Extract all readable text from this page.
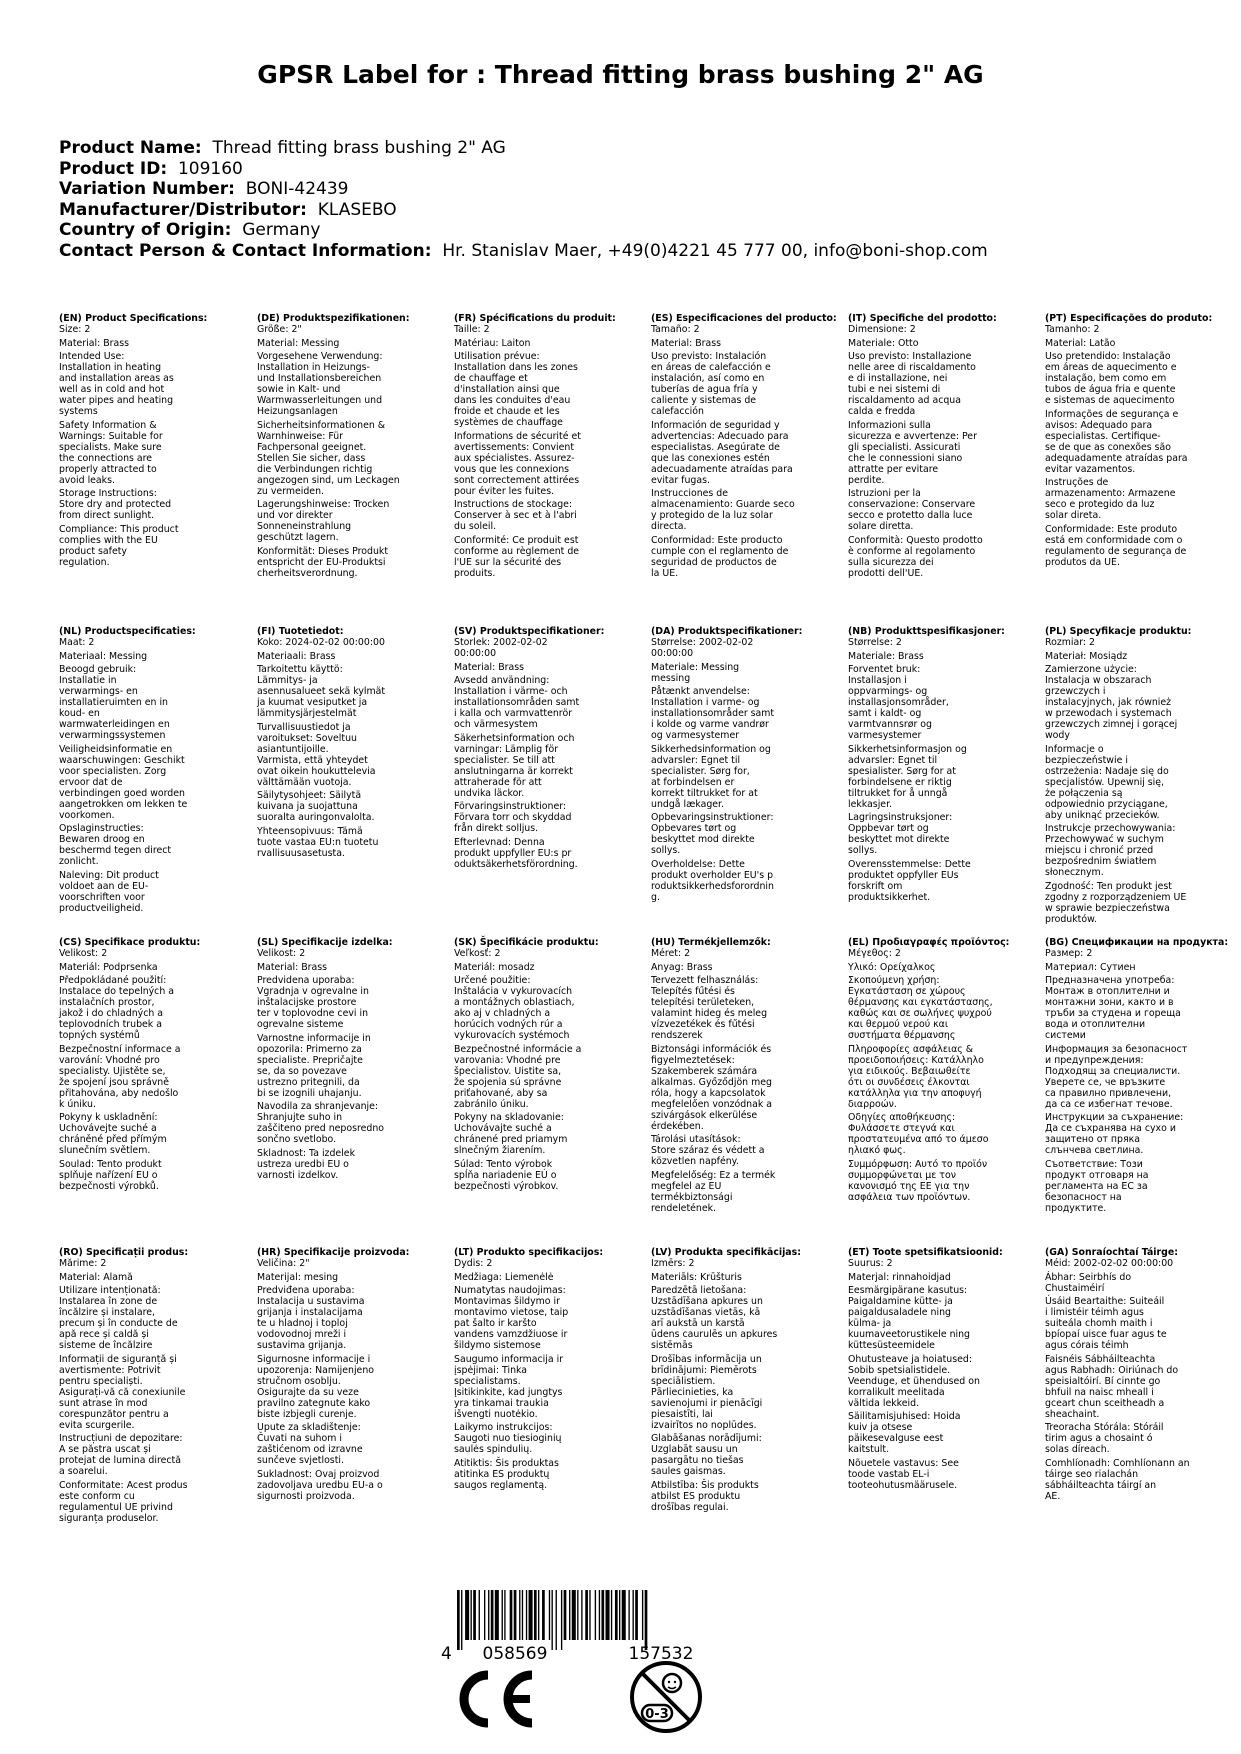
GPSR Label for : Thread fitting brass bushing 2" AG
Product Name: Thread fitting brass bushing 2" AG
Product ID: 109160
Variation Number: BONI-42439
Manufacturer/Distributor: KLASEBO
Country of Origin: Germany
Contact Person & Contact Information: Hr. Stanislav Maer, +49(0)4221 45 777 00, info@boni-shop.com
(EN) Product Specifications:
Size: 2
Material: Brass
Intended Use:
Installation in heating
and installation areas as
well as in cold and hot
water pipes and heating
systems
Safety Information &
Warnings: Suitable for
specialists. Make sure
the connections are
properly attracted to
avoid leaks.
Storage Instructions:
Store dry and protected
from direct sunlight.
Compliance: This product
complies with the EU
product safety
regulation.
(DE) Produktspezifikationen:
Größe: 2"
Material: Messing
Vorgesehene Verwendung:
Installation in Heizungs-
und Installationsbereichen
sowie in Kalt- und
Warmwasserleitungen und
Heizungsanlagen
Sicherheitsinformationen &
Warnhinweise: Für
Fachpersonal geeignet.
Stellen Sie sicher, dass
die Verbindungen richtig
angezogen sind, um Leckagen
zu vermeiden.
Lagerungshinweise: Trocken
und vor direkter
Sonneneinstrahlung
geschützt lagern.
Konformität: Dieses Produkt
entspricht der EU-Produktsi
cherheitsverordnung.
(FR) Spécifications du produit:
Taille: 2
Matériau: Laiton
Utilisation prévue:
Installation dans les zones
de chauffage et
d'installation ainsi que
dans les conduites d'eau
froide et chaude et les
systèmes de chauffage
Informations de sécurité et
avertissements: Convient
aux spécialistes. Assurez-
vous que les connexions
sont correctement attirées
pour éviter les fuites.
Instructions de stockage:
Conserver à sec et à l'abri
du soleil.
Conformité: Ce produit est
conforme au règlement de
l'UE sur la sécurité des
produits.
(ES) Especificaciones del producto:
Tamaño: 2
Material: Brass
Uso previsto: Instalación
en áreas de calefacción e
instalación, así como en
tuberías de agua fría y
caliente y sistemas de
calefacción
Información de seguridad y
advertencias: Adecuado para
especialistas. Asegúrate de
que las conexiones estén
adecuadamente atraídas para
evitar fugas.
Instrucciones de
almacenamiento: Guarde seco
y protegido de la luz solar
directa.
Conformidad: Este producto
cumple con el reglamento de
seguridad de productos de
la UE.
(IT) Specifiche del prodotto:
Dimensione: 2
Materiale: Otto
Uso previsto: Installazione
nelle aree di riscaldamento
e di installazione, nei
tubi e nei sistemi di
riscaldamento ad acqua
calda e fredda
Informazioni sulla
sicurezza e avvertenze: Per
gli specialisti. Assicurati
che le connessioni siano
attratte per evitare
perdite.
Istruzioni per la
conservazione: Conservare
secco e protetto dalla luce
solare diretta.
Conformità: Questo prodotto
è conforme al regolamento
sulla sicurezza dei
prodotti dell'UE.
(PT) Especificações do produto:
Tamanho: 2
Material: Latão
Uso pretendido: Instalação
em áreas de aquecimento e
instalação, bem como em
tubos de água fria e quente
e sistemas de aquecimento
Informações de segurança e
avisos: Adequado para
especialistas. Certifique-
se de que as conexões são
adequadamente atraídas para
evitar vazamentos.
Instruções de
armazenamento: Armazene
seco e protegido da luz
solar direta.
Conformidade: Este produto
está em conformidade com o
regulamento de segurança de
produtos da UE.
(NL) Productspecificaties:
Maat: 2
Materiaal: Messing
Beoogd gebruik:
Installatie in
verwarmings- en
installatieruimten en in
koud- en
warmwaterleidingen en
verwarmingssystemen
Veiligheidsinformatie en
waarschuwingen: Geschikt
voor specialisten. Zorg
ervoor dat de
verbindingen goed worden
aangetrokken om lekken te
voorkomen.
Opslaginstructies:
Bewaren droog en
beschermd tegen direct
zonlicht.
Naleving: Dit product
voldoet aan de EU-
voorschriften voor
productveiligheid.
(FI) Tuotetiedot:
Koko: 2024-02-02 00:00:00
Materiaali: Brass
Tarkoitettu käyttö:
Lämmitys- ja
asennusalueet sekä kylmät
ja kuumat vesiputket ja
lämmitysjärjestelmät
Turvallisuustiedot ja
varoitukset: Soveltuu
asiantuntijoille.
Varmista, että yhteydet
ovat oikein houkuttelevia
välttämään vuotoja.
Säilytysohjeet: Säilytä
kuivana ja suojattuna
suoralta auringonvalolta.
Yhteensopivuus: Tämä
tuote vastaa EU:n tuotetu
rvallisuusasetusta.
(SV) Produktspecifikationer:
Storlek: 2002-02-02
00:00:00
Material: Brass
Avsedd användning:
Installation i värme- och
installationsområden samt
i kalla och varmvattenrör
och värmesystem
Säkerhetsinformation och
varningar: Lämplig för
specialister. Se till att
anslutningarna är korrekt
attraherade för att
undvika läckor.
Förvaringsinstruktioner:
Förvara torr och skyddad
från direkt solljus.
Efterlevnad: Denna
produkt uppfyller EU:s pr
oduktsäkerhetsförordning.
(DA) Produktspecifikationer:
Størrelse: 2002-02-02
00:00:00
Materiale: Messing
messing
Påtænkt anvendelse:
Installation i varme- og
installationsområder samt
i kolde og varme vandrør
og varmesystemer
Sikkerhedsinformation og
advarsler: Egnet til
specialister. Sørg for,
at forbindelsen er
korrekt tiltrukket for at
undgå lækager.
Opbevaringsinstruktioner:
Opbevares tørt og
beskyttet mod direkte
sollys.
Overholdelse: Dette
produkt overholder EU's p
roduktsikkerhedsforordnin
g.
(NB) Produkttspesifikasjoner:
Størrelse: 2
Materiale: Brass
Forventet bruk:
Installasjon i
oppvarmings- og
installasjonsområder,
samt i kaldt- og
varmtvannsrør og
varmesystemer
Sikkerhetsinformasjon og
advarsler: Egnet til
spesialister. Sørg for at
forbindelsene er riktig
tiltrukket for å unngå
lekkasjer.
Lagringsinstruksjoner:
Oppbevar tørt og
beskyttet mot direkte
sollys.
Overensstemmelse: Dette
produktet oppfyller EUs
forskrift om
produktsikkerhet.
(PL) Specyfikacje produktu:
Rozmiar: 2
Materiał: Mosiądz
Zamierzone użycie:
Instalacja w obszarach
grzewczych i
instalacyjnych, jak również
w przewodach i systemach
grzewczych zimnej i gorącej
wody
Informacje o
bezpieczeństwie i
ostrzeżenia: Nadaje się do
specjalistów. Upewnij się,
że połączenia są
odpowiednio przyciągane,
aby uniknąć przecieków.
Instrukcje przechowywania:
Przechowywać w suchym
miejscu i chronić przed
bezpośrednim światłem
słonecznym.
Zgodność: Ten produkt jest
zgodny z rozporządzeniem UE
w sprawie bezpieczeństwa
produktów.
(CS) Specifikace produktu:
Velikost: 2
Materiál: Podprsenka
Předpokládané použití:
Instalace do tepelných a
instalačních prostor,
jakož i do chladných a
teplovodních trubek a
topných systémů
Bezpečnostní informace a
varování: Vhodné pro
specialisty. Ujistěte se,
že spojení jsou správně
přitahována, aby nedošlo
k úniku.
Pokyny k uskladnění:
Uchovávejte suché a
chráněné před přímým
slunečním světlem.
Soulad: Tento produkt
splňuje nařízení EU o
bezpečnosti výrobků.
(SL) Specifikacije izdelka:
Velikost: 2
Material: Brass
Predvidena uporaba:
Vgradnja v ogrevalne in
inštalacijske prostore
ter v toplovodne cevi in
ogrevalne sisteme
Varnostne informacije in
opozorila: Primerno za
specialiste. Prepričajte
se, da so povezave
ustrezno pritegnili, da
bi se izognili uhajanju.
Navodila za shranjevanje:
Shranjujte suho in
zaščiteno pred neposredno
sončno svetlobo.
Skladnost: Ta izdelek
ustreza uredbi EU o
varnosti izdelkov.
(SK) Špecifikácie produktu:
Veľkosť: 2
Materiál: mosadz
Určené použitie:
Inštalácia v vykurovacích
a montážnych oblastiach,
ako aj v chladných a
horúcich vodných rúr a
vykurovacích systémoch
Bezpečnostné informácie a
varovania: Vhodné pre
špecialistov. Uistite sa,
že spojenia sú správne
priťahované, aby sa
zabránilo úniku.
Pokyny na skladovanie:
Uchovávajte suché a
chránené pred priamym
slnečným žiarením.
Súlad: Tento výrobok
spĺňa nariadenie EÚ o
bezpečnosti výrobkov.
(HU) Termékjellemzők:
Méret: 2
Anyag: Brass
Tervezett felhasználás:
Telepítés fűtési és
telepítési területeken,
valamint hideg és meleg
vízvezetékek és fűtési
rendszerek
Biztonsági információk és
figyelmeztetések:
Szakemberek számára
alkalmas. Győződjön meg
róla, hogy a kapcsolatok
megfelelően vonzódnak a
szivárgások elkerülése
érdekében.
Tárolási utasítások:
Store száraz és védett a
közvetlen napfény.
Megfelelőség: Ez a termék
megfelel az EU
termékbiztonsági
rendeletének.
(EL) Προδιαγραφές προϊόντος:
Μέγεθος: 2
Υλικό: Ορείχαλκος
Σκοπούμενη χρήση:
Εγκατάσταση σε χώρους
θέρμανσης και εγκατάστασης,
καθώς και σε σωλήνες ψυχρού
και θερμού νερού και
συστήματα θέρμανσης
Πληροφορίες ασφάλειας &
προειδοποιήσεις: Κατάλληλο
για ειδικούς. Βεβαιωθείτε
ότι οι συνδέσεις έλκονται
κατάλληλα για την αποφυγή
διαρροών.
Οδηγίες αποθήκευσης:
Φυλάσσετε στεγνά και
προστατευμένα από το άμεσο
ηλιακό φως.
Συμμόρφωση: Αυτό το προϊόν
συμμορφώνεται με τον
κανονισμό της ΕΕ για την
ασφάλεια των προϊόντων.
(BG) Спецификации на продукта:
Размер: 2
Материал: Сутиен
Предназначена употреба:
Монтаж в отоплителни и
монтажни зони, както и в
тръби за студена и гореща
вода и отоплителни
системи
Информация за безопасност
и предупреждения:
Подходящ за специалисти.
Уверете се, че връзките
са правилно привлечени,
да са се избегнат течове.
Инструкции за съхранение:
Да се съхранява на сухо и
защитено от пряка
слънчева светлина.
Съответствие: Този
продукт отговаря на
регламента на ЕС за
безопасност на
продуктите.
(RO) Specificații produs:
Mărime: 2
Material: Alamă
Utilizare intenționată:
Instalarea în zone de
încălzire și instalare,
precum și în conducte de
apă rece și caldă și
sisteme de încălzire
Informații de siguranță și
avertismente: Potrivit
pentru specialiști.
Asigurați-vă că conexiunile
sunt atrase în mod
corespunzător pentru a
evita scurgerile.
Instrucțiuni de depozitare:
A se păstra uscat și
protejat de lumina directă
a soarelui.
Conformitate: Acest produs
este conform cu
regulamentul UE privind
siguranța produselor.
(HR) Specifikacije proizvoda:
Veličina: 2"
Materijal: mesing
Predviđena uporaba:
Instalacija u sustavima
grijanja i instalacijama
te u hladnoj i toploj
vodovodnoj mreži i
sustavima grijanja.
Sigurnosne informacije i
upozorenja: Namijenjeno
stručnom osoblju.
Osigurajte da su veze
pravilno zategnute kako
biste izbjegli curenje.
Upute za skladištenje:
Čuvati na suhom i
zaštićenom od izravne
sunčeve svjetlosti.
Sukladnost: Ovaj proizvod
zadovoljava uredbu EU-a o
sigurnosti proizvoda.
(LT) Produkto specifikacijos:
Dydis: 2
Medžiaga: Liemenėlė
Numatytas naudojimas:
Montavimas šildymo ir
montavimo vietose, taip
pat šalto ir karšto
vandens vamzdžiuose ir
šildymo sistemose
Saugumo informacija ir
įspėjimai: Tinka
specialistams.
Įsitikinkite, kad jungtys
yra tinkamai traukia
išvengti nuotėkio.
Laikymo instrukcijos:
Saugoti nuo tiesioginių
saulės spindulių.
Atitiktis: Šis produktas
atitinka ES produktų
saugos reglamentą.
(LV) Produkta specifikācijas:
Izmērs: 2
Materiāls: Krūšturis
Paredzētā lietošana:
Uzstādīšana apkures un
uzstādīšanas vietās, kā
arī aukstā un karstā
ūdens caurulēs un apkures
sistēmās
Drošības informācija un
brīdinājumi: Piemērots
speciālistiem.
Pārliecinieties, ka
savienojumi ir pienācīgi
piesaistīti, lai
izvairītos no noplūdes.
Glabāšanas norādījumi:
Uzglabāt sausu un
pasargātu no tiešas
saules gaismas.
Atbilstība: Šis produkts
atbilst ES produktu
drošības regulai.
(ET) Toote spetsifikatsioonid:
Suurus: 2
Materjal: rinnahoidjad
Eesmärgipärane kasutus:
Paigaldamine kütte- ja
paigaldusaladele ning
külma- ja
kuumaveetorustikele ning
küttesüsteemidele
Ohutusteave ja hoiatused:
Sobib spetsialistidele.
Veenduge, et ühendused on
korralikult meelitada
vältida lekkeid.
Säilitamisjuhised: Hoida
kuiv ja otsese
päikesevalguse eest
kaitstult.
Nõuetele vastavus: See
toode vastab EL-i
tooteohutusmäärusele.
(GA) Sonraíochtaí Táirge:
Méid: 2002-02-02 00:00:00
Ábhar: Seirbhís do
Chustaiméirí
Úsáid Beartaithe: Suiteáil
i limistéir téimh agus
suiteála chomh maith i
bpíopaí uisce fuar agus te
agus córais téimh
Faisnéis Sábháilteachta
agus Rabhadh: Oiriúnach do
speisialtóirí. Bí cinnte go
bhfuil na naisc mheall i
gceart chun sceitheadh a
sheachaint.
Treoracha Stórála: Stóráil
tirim agus a chosaint ó
solas díreach.
Comhlíonadh: Comhlíonann an
táirge seo rialachán
sábháilteachta táirgí an
AE.
4 058569	157532
0-3
